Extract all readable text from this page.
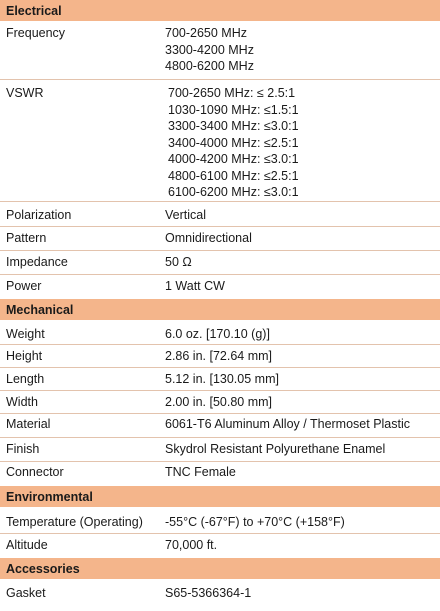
Electrical
Frequency	700-2650 MHz
3300-4200 MHz
4800-6200 MHz
VSWR	700-2650 MHz: ≤ 2.5:1
1030-1090 MHz: ≤1.5:1
3300-3400 MHz: ≤3.0:1
3400-4000 MHz: ≤2.5:1
4000-4200 MHz: ≤3.0:1
4800-6100 MHz: ≤2.5:1
6100-6200 MHz: ≤3.0:1
Polarization	Vertical
Pattern	Omnidirectional
Impedance	50 Ω
Power	1 Watt CW
Mechanical
Weight	6.0 oz. [170.10 (g)]
Height	2.86 in. [72.64 mm]
Length	5.12 in. [130.05 mm]
Width	2.00 in. [50.80 mm]
Material	6061-T6 Aluminum Alloy / Thermoset Plastic
Finish	Skydrol Resistant Polyurethane Enamel
Connector	TNC Female
Environmental
Temperature (Operating) -55°C (-67°F) to +70°C (+158°F)
Altitude	70,000 ft.
Accessories
Gasket	S65-5366364-1
